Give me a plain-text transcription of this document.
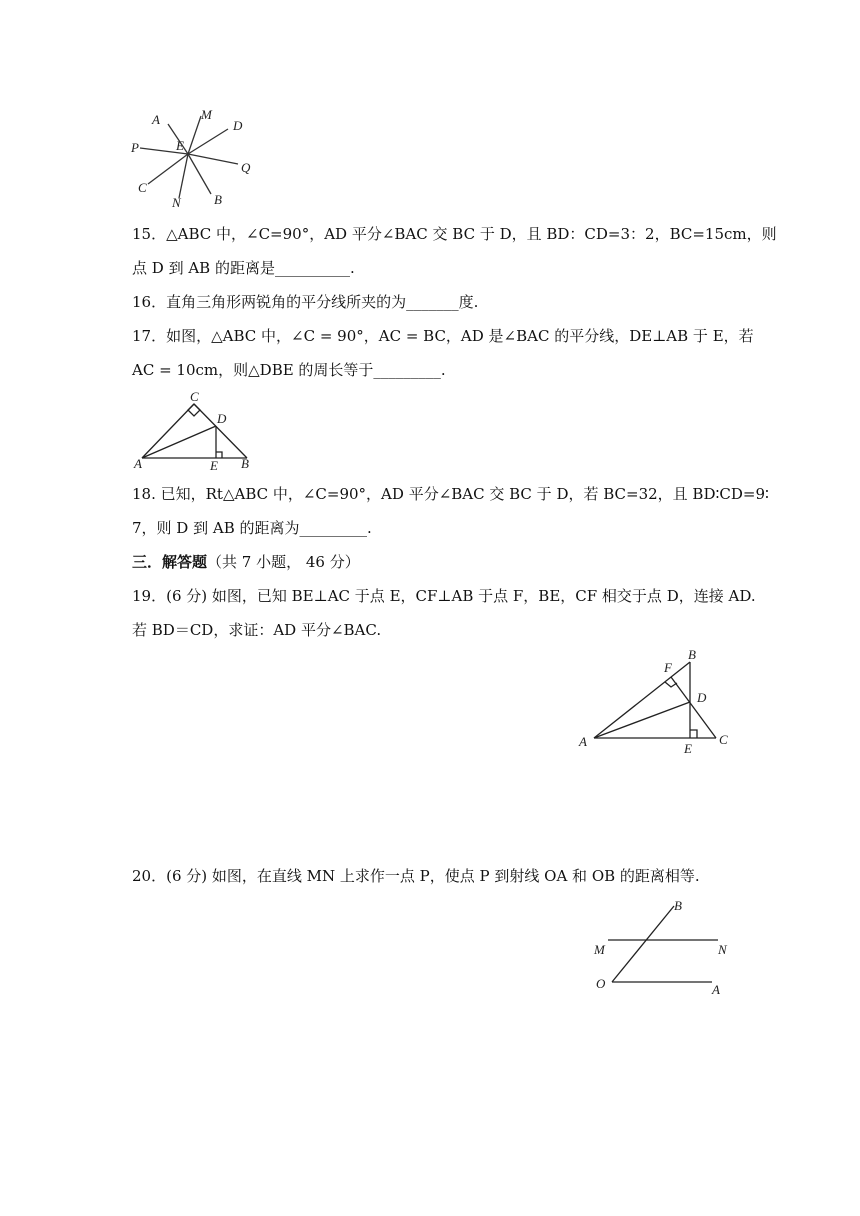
A	M
D
E
P
Q
C
N	B
15．△ABC 中，∠C=90°，AD 平分∠BAC 交 BC 于 D，且 BD：CD=3：2，BC=15cm，则
点 D 到 AB 的距离是__________.
16．直角三角形两锐角的平分线所夹的为_______度.
17．如图，△ABC 中，∠C = 90°，AC = BC，AD 是∠BAC 的平分线，DE⊥AB 于 E，若
AC = 10cm，则△DBE 的周长等于_________.
A	B
C
D
E
18. 已知，Rt△ABC 中，∠C=90°，AD 平分∠BAC 交 BC 于 D，若 BC=32，且 BD∶CD=9∶
7，则 D 到 AB 的距离为_________.
三．解答题（共 7 小题， 46 分）
19．(6 分) 如图，已知 BE⊥AC 于点 E，CF⊥AB 于点 F，BE，CF 相交于点 D，连接 AD.
若 BD＝CD，求证：AD 平分∠BAC.
A
B
C
D
E
F
20．(6 分) 如图，在直线 MN 上求作一点 P，使点 P 到射线 OA 和 OB 的距离相等.
B
M	N
O	A
